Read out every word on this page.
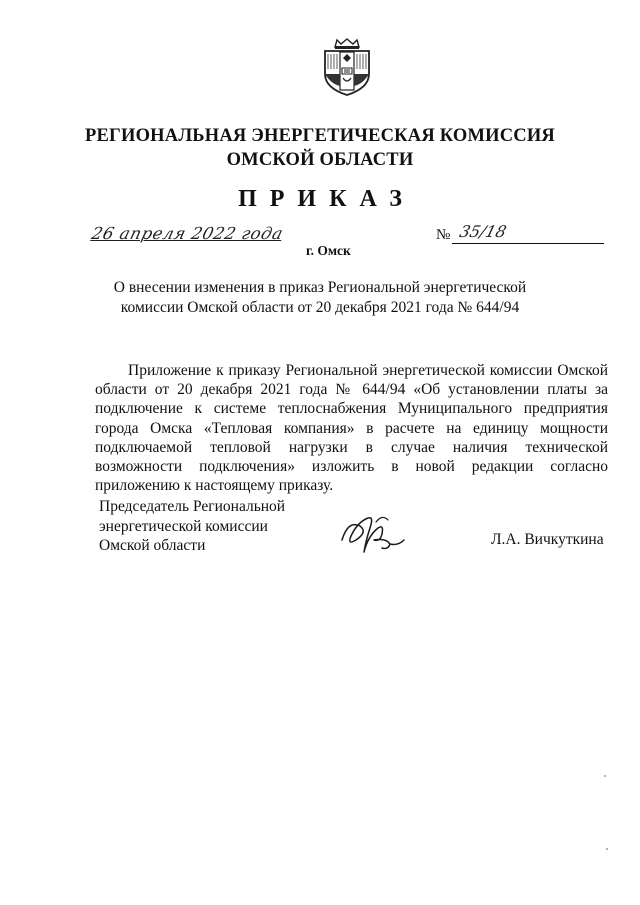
РЕГИОНАЛЬНАЯ ЭНЕРГЕТИЧЕСКАЯ КОМИССИЯ
ОМСКОЙ ОБЛАСТИ
ПРИКАЗ
26 апреля 2022 года
г. Омск
№ 35/18
О внесении изменения в приказ Региональной энергетической
комиссии Омской области от 20 декабря 2021 года № 644/94

Приложение к приказу Региональной энергетической комиссии Омской области от 20 декабря 2021 года № 644/94 «Об установлении платы за подключение к системе теплоснабжения Муниципального предприятия города Омска «Тепловая компания» в расчете на единицу мощности подключаемой тепловой нагрузки в случае наличия технической возможности подключения» изложить в новой редакции согласно приложению к настоящему приказу.

Председатель Региональной
энергетической комиссии
Омской области	Л.А. Вичкуткина
